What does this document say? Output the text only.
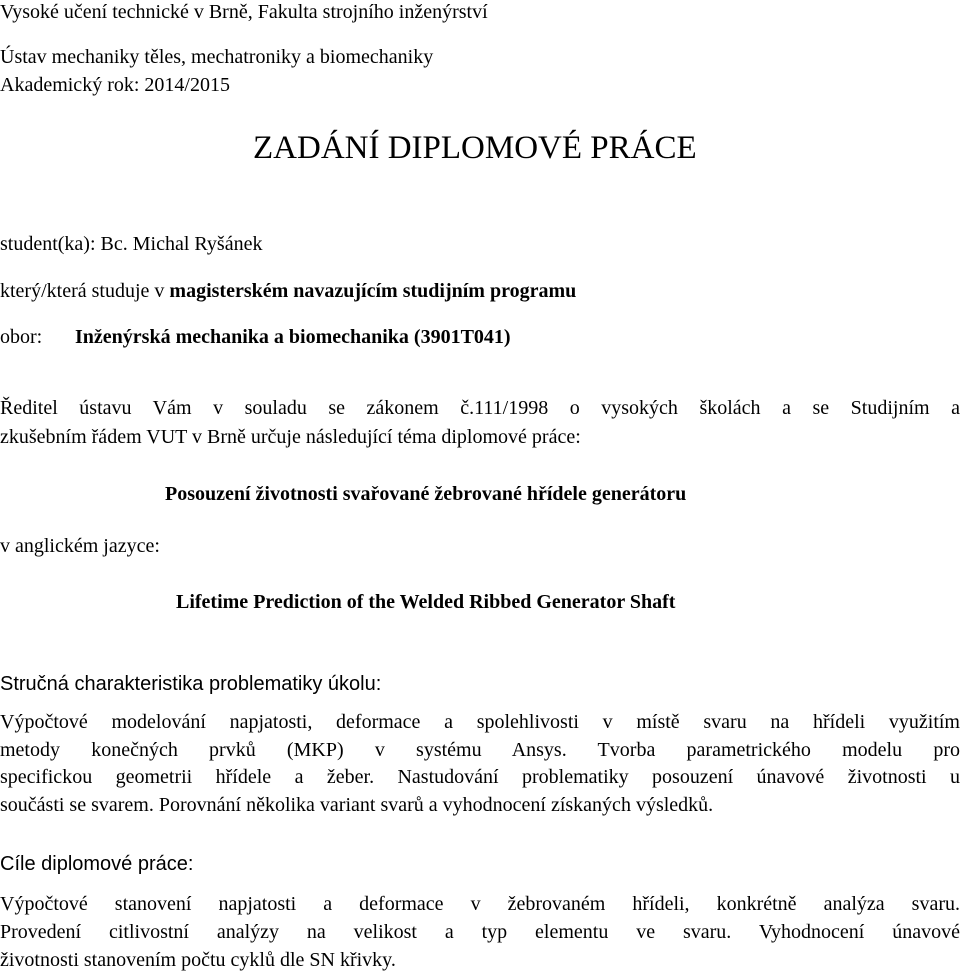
Vysoké učení technické v Brně, Fakulta strojního inženýrství
Ústav mechaniky těles, mechatroniky a biomechaniky
Akademický rok: 2014/2015
ZADÁNÍ DIPLOMOVÉ PRÁCE
student(ka): Bc. Michal Ryšánek
který/která studuje v magisterském navazujícím studijním programu
obor: Inženýrská mechanika a biomechanika (3901T041)
Ředitel ústavu Vám v souladu se zákonem č.111/1998 o vysokých školách a se Studijním a
zkušebním řádem VUT v Brně určuje následující téma diplomové práce:
Posouzení životnosti svařované žebrované hřídele generátoru
v anglickém jazyce:
Lifetime Prediction of the Welded Ribbed Generator Shaft
Stručná charakteristika problematiky úkolu:
Výpočtové modelování napjatosti, deformace a spolehlivosti v místě svaru na hřídeli využitím
metody konečných prvků (MKP) v systému Ansys. Tvorba parametrického modelu pro
specifickou geometrii hřídele a žeber. Nastudování problematiky posouzení únavové životnosti u
součásti se svarem. Porovnání několika variant svarů a vyhodnocení získaných výsledků.
Cíle diplomové práce:
Výpočtové stanovení napjatosti a deformace v žebrovaném hřídeli, konkrétně analýza svaru.
Provedení citlivostní analýzy na velikost a typ elementu ve svaru. Vyhodnocení únavové
životnosti stanovením počtu cyklů dle SN křivky.
